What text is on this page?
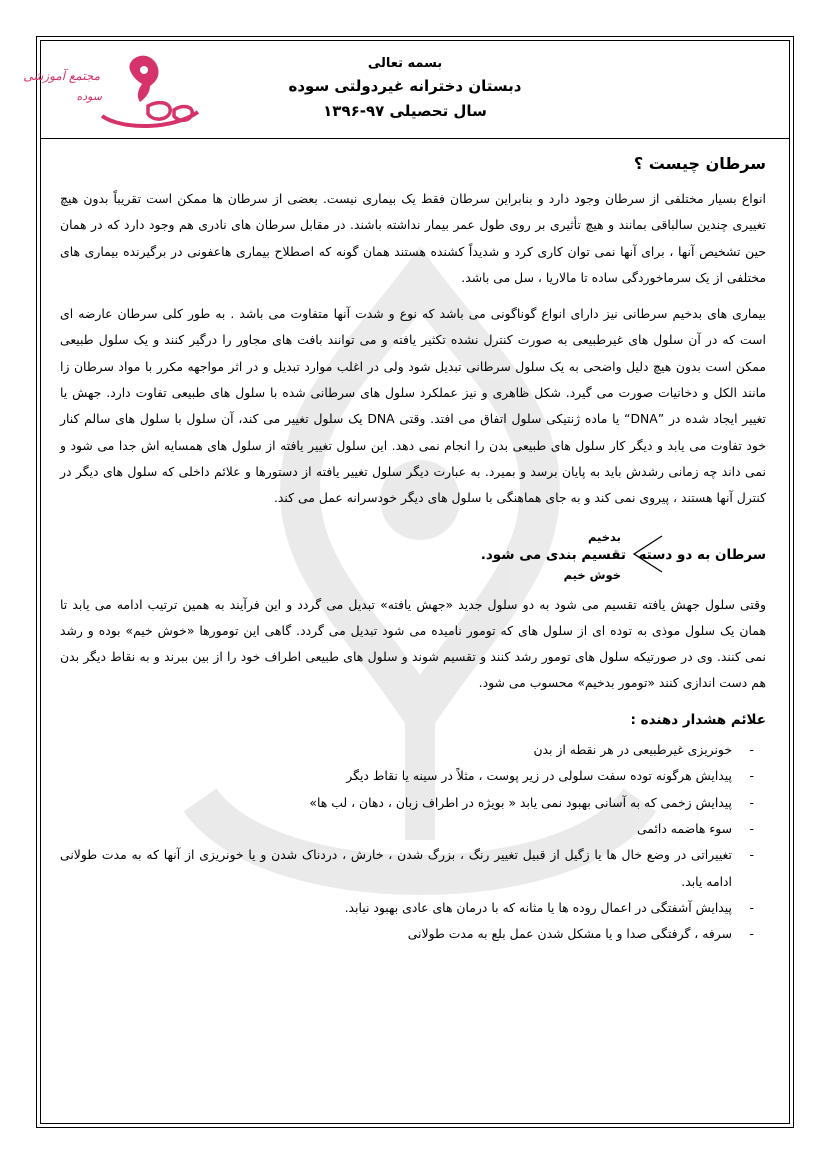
بسمه تعالی
دبستان دخترانه غیردولتی سوده
سال تحصیلی ۹۷-۱۳۹۶
مجتمع آموزشی
سوده
سرطان چیست ؟

انواع بسیار مختلفی از سرطان وجود دارد و بنابراین سرطان فقط یک بیماری نیست. بعضی از سرطان ها ممکن است تقریباً بدون هیچ تغییری چندین سالباقی بمانند و هیچ تأثیری بر روی طول عمر بیمار نداشته باشند. در مقابل سرطان های نادری هم وجود دارد که در همان حین تشخیص آنها ، برای آنها نمی توان کاری کرد و شدیداً کشنده هستند همان گونه که اصطلاح بیماری هاعفونی در برگیرنده بیماری های مختلفی از یک سرماخوردگی ساده تا مالاریا ، سل می باشد.

بیماری های بدخیم سرطانی نیز دارای انواع گوناگونی می باشد که نوع و شدت آنها متفاوت می باشد . به طور کلی سرطان عارضه ای است که در آن سلول های غیرطبیعی به صورت کنترل نشده تکثیر یافته و می توانند بافت های مجاور را درگیر کنند و یک سلول طبیعی ممکن است بدون هیچ دلیل واضحی به یک سلول سرطانی تبدیل شود ولی در اغلب موارد تبدیل و در اثر مواجهه مکرر با مواد سرطان زا مانند الکل و دخانیات صورت می گیرد. شکل ظاهری و نیز عملکرد سلول های سرطانی شده با سلول های طبیعی تفاوت دارد. جهش یا تغییر ایجاد شده در ”DNA“ یا ماده ژنتیکی سلول اتفاق می افتد. وقتی DNA یک سلول تغییر می کند، آن سلول با سلول های سالم کنار خود تفاوت می یابد و دیگر کار سلول های طبیعی بدن را انجام نمی دهد. این سلول تغییر یافته از سلول های همسایه اش جدا می شود و نمی داند چه زمانی رشدش باید به پایان برسد و بمیرد. به عبارت دیگر سلول تغییر یافته از دستورها و علائم داخلی که سلول های دیگر در کنترل آنها هستند ، پیروی نمی کند و به جای هماهنگی با سلول های دیگر خودسرانه عمل می کند.

سرطان به دو دسته
بدخیم
تقسیم بندی می شود.
خوش خیم

وقتی سلول جهش یافته تقسیم می شود به دو سلول جدید «جهش یافته» تبدیل می گردد و این فرآیند به همین ترتیب ادامه می یابد تا همان یک سلول موذی به توده ای از سلول های که تومور نامیده می شود تبدیل می گردد. گاهی این تومورها «خوش خیم» بوده و رشد نمی کنند. وی در صورتیکه سلول های تومور رشد کنند و تقسیم شوند و سلول های طبیعی اطراف خود را از بین ببرند و به نقاط دیگر بدن هم دست اندازی کنند «تومور بدخیم» محسوب می شود.

علائم هشدار دهنده :
-
خونریزی غیرطبیعی در هر نقطه از بدن
-
پیدایش هرگونه توده سفت سلولی در زیر پوست ، مثلاً در سینه یا نقاط دیگر
-
پیدایش زخمی که به آسانی بهبود نمی یابد « بویژه در اطراف زبان ، دهان ، لب ها»
-
سوء هاضمه دائمی
-
تغییراتی در وضع خال ها یا زگیل از قبیل تغییر رنگ ، بزرگ شدن ، خارش ، دردناک شدن و یا خونریزی از آنها که به مدت طولانی ادامه یابد.
-
پیدایش آشفتگی در اعمال روده ها یا مثانه که با درمان های عادی بهبود نیابد.
-
سرفه ، گرفتگی صدا و یا مشکل شدن عمل بلع به مدت طولانی
